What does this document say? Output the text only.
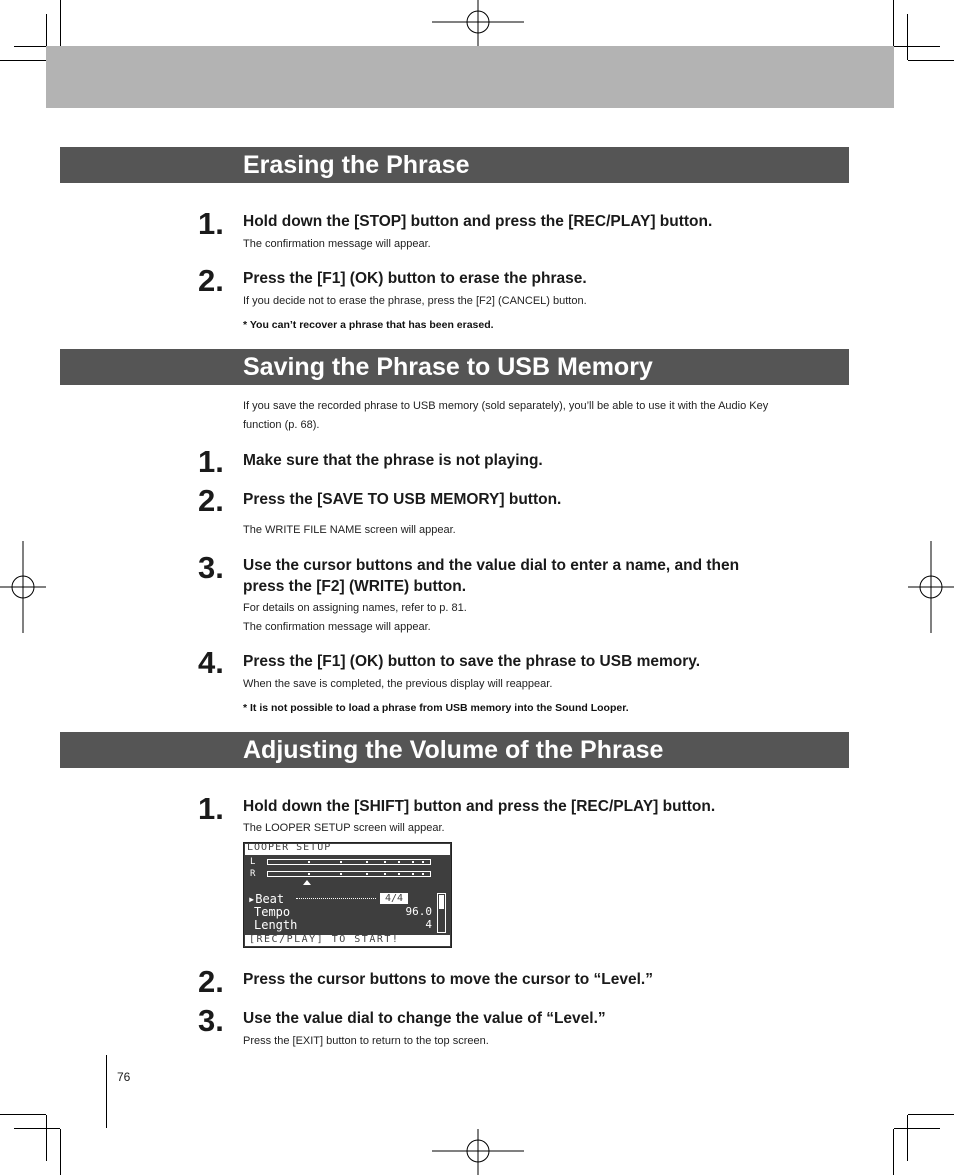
Erasing the Phrase
1.	Hold down the [STOP] button and press the [REC/PLAY] button.
The confirmation message will appear.
2.	Press the [F1] (OK) button to erase the phrase.
If you decide not to erase the phrase, press the [F2] (CANCEL) button.
* You can’t recover a phrase that has been erased.
Saving the Phrase to USB Memory
If you save the recorded phrase to USB memory (sold separately), you’ll be able to use it with the Audio Key
function (p. 68).
1.	Make sure that the phrase is not playing.
2.	Press the [SAVE TO USB MEMORY] button.
The WRITE FILE NAME screen will appear.
3.	Use the cursor buttons and the value dial to enter a name, and then
press the [F2] (WRITE) button.
For details on assigning names, refer to p. 81.
The confirmation message will appear.
4.	Press the [F1] (OK) button to save the phrase to USB memory.
When the save is completed, the previous display will reappear.
* It is not possible to load a phrase from USB memory into the Sound Looper.
Adjusting the Volume of the Phrase
1.	Hold down the [SHIFT] button and press the [REC/PLAY] button.
The LOOPER SETUP screen will appear.
LOOPER SETUP
L
R
▸Beat	4/4
Tempo	96.0
Length	4
[REC/PLAY] TO START!
2.	Press the cursor buttons to move the cursor to “Level.”
3.	Use the value dial to change the value of “Level.”
Press the [EXIT] button to return to the top screen.
76
